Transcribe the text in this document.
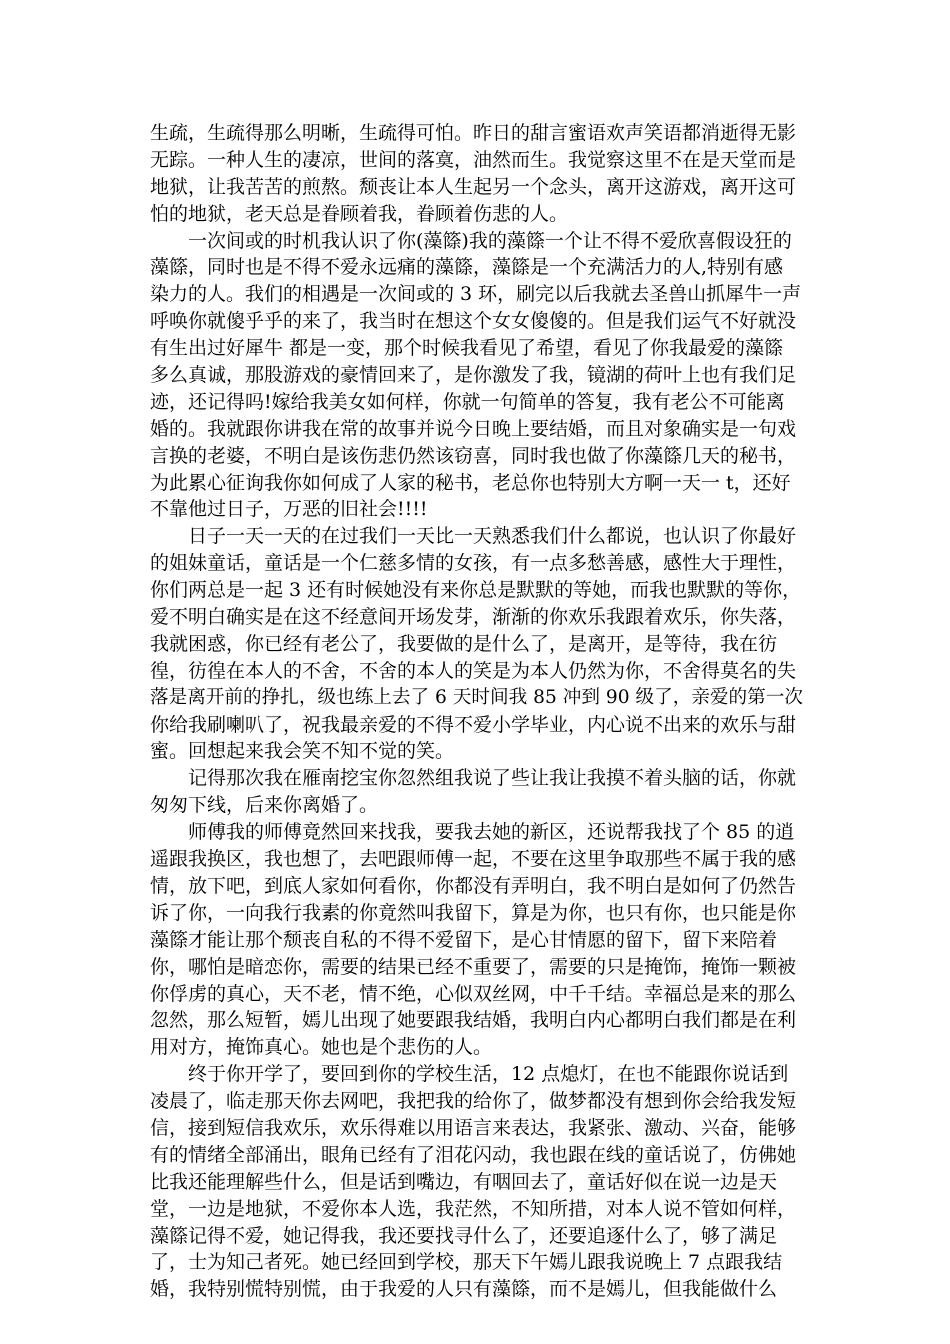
生疏，生疏得那么明晰，生疏得可怕。昨日的甜言蜜语欢声笑语都消逝得无影
无踪。一种人生的凄凉，世间的落寞，油然而生。我觉察这里不在是天堂而是
地狱，让我苦苦的煎熬。颓丧让本人生起另一个念头，离开这游戏，离开这可
怕的地狱，老天总是眷顾着我，眷顾着伤悲的人。
一次间或的时机我认识了你(藻篨)我的藻篨一个让不得不爱欣喜假设狂的
藻篨，同时也是不得不爱永远痛的藻篨，藻篨是一个充满活力的人,特别有感
染力的人。我们的相遇是一次间或的 3 环，刷完以后我就去圣兽山抓犀牛一声
呼唤你就傻乎乎的来了，我当时在想这个女女傻傻的。但是我们运气不好就没
有生出过好犀牛 都是一变，那个时候我看见了希望，看见了你我最爱的藻篨
多么真诚，那股游戏的豪情回来了，是你激发了我，镜湖的荷叶上也有我们足
迹，还记得吗!嫁给我美女如何样，你就一句简单的答复，我有老公不可能离
婚的。我就跟你讲我在常的故事并说今日晚上要结婚，而且对象确实是一句戏
言换的老婆，不明白是该伤悲仍然该窃喜，同时我也做了你藻篨几天的秘书，
为此累心征询我你如何成了人家的秘书，老总你也特别大方啊一天一 t，还好
不靠他过日子，万恶的旧社会!!!!
日子一天一天的在过我们一天比一天熟悉我们什么都说，也认识了你最好
的姐妹童话，童话是一个仁慈多情的女孩，有一点多愁善感，感性大于理性，
你们两总是一起 3 还有时候她没有来你总是默默的等她，而我也默默的等你，
爱不明白确实是在这不经意间开场发芽，渐渐的你欢乐我跟着欢乐，你失落，
我就困惑，你已经有老公了，我要做的是什么了，是离开，是等待，我在彷
徨，彷徨在本人的不舍，不舍的本人的笑是为本人仍然为你，不舍得莫名的失
落是离开前的挣扎，级也练上去了 6 天时间我 85 冲到 90 级了，亲爱的第一次
你给我刷喇叭了，祝我最亲爱的不得不爱小学毕业，内心说不出来的欢乐与甜
蜜。回想起来我会笑不知不觉的笑。
记得那次我在雁南挖宝你忽然组我说了些让我让我摸不着头脑的话，你就
匆匆下线，后来你离婚了。
师傅我的师傅竟然回来找我，要我去她的新区，还说帮我找了个 85 的逍
遥跟我换区，我也想了，去吧跟师傅一起，不要在这里争取那些不属于我的感
情，放下吧，到底人家如何看你，你都没有弄明白，我不明白是如何了仍然告
诉了你，一向我行我素的你竟然叫我留下，算是为你，也只有你，也只能是你
藻篨才能让那个颓丧自私的不得不爱留下，是心甘情愿的留下，留下来陪着
你，哪怕是暗恋你，需要的结果已经不重要了，需要的只是掩饰，掩饰一颗被
你俘虏的真心，天不老，情不绝，心似双丝网，中千千结。幸福总是来的那么
忽然，那么短暂，嫣儿出现了她要跟我结婚，我明白内心都明白我们都是在利
用对方，掩饰真心。她也是个悲伤的人。
终于你开学了，要回到你的学校生活，12 点熄灯，在也不能跟你说话到
凌晨了，临走那天你去网吧，我把我的给你了，做梦都没有想到你会给我发短
信，接到短信我欢乐，欢乐得难以用语言来表达，我紧张、激动、兴奋，能够
有的情绪全部涌出，眼角已经有了泪花闪动，我也跟在线的童话说了，仿佛她
比我还能理解些什么，但是话到嘴边，有咽回去了，童话好似在说一边是天
堂，一边是地狱，不爱你本人选，我茫然，不知所措，对本人说不管如何样，
藻篨记得不爱，她记得我，我还要找寻什么了，还要追逐什么了，够了满足
了，士为知己者死。她已经回到学校，那天下午嫣儿跟我说晚上 7 点跟我结
婚，我特别慌特别慌，由于我爱的人只有藻篨，而不是嫣儿，但我能做什么
